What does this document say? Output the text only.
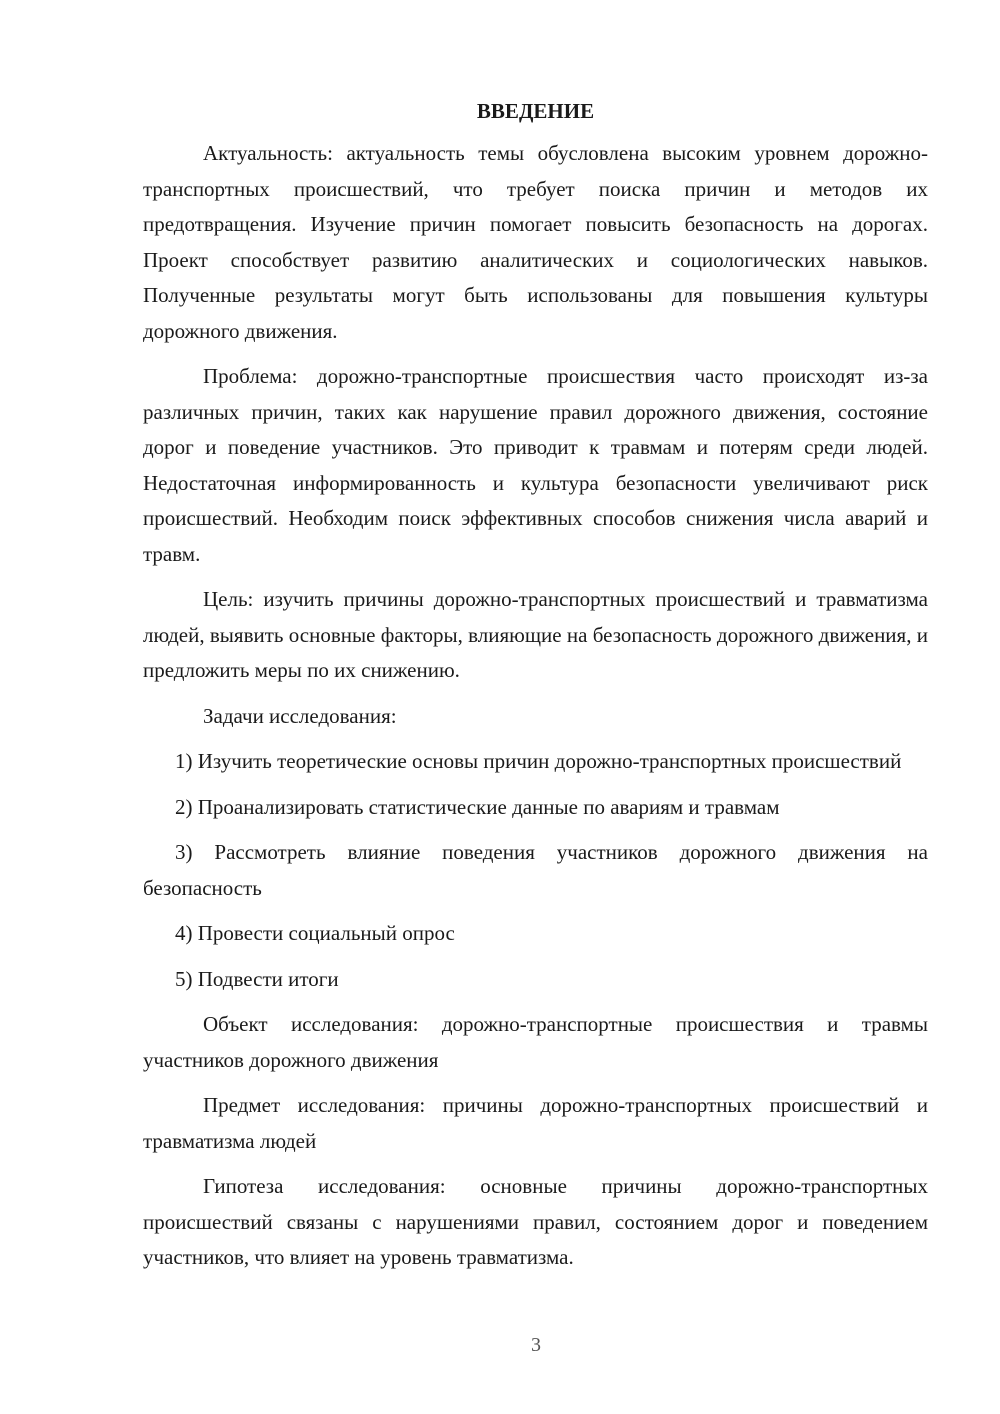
ВВЕДЕНИЕ

Актуальность: актуальность темы обусловлена высоким уровнем дорожно-транспортных происшествий, что требует поиска причин и методов их предотвращения. Изучение причин помогает повысить безопасность на дорогах. Проект способствует развитию аналитических и социологических навыков. Полученные результаты могут быть использованы для повышения культуры дорожного движения.

Проблема: дорожно-транспортные происшествия часто происходят из-за различных причин, таких как нарушение правил дорожного движения, состояние дорог и поведение участников. Это приводит к травмам и потерям среди людей. Недостаточная информированность и культура безопасности увеличивают риск происшествий. Необходим поиск эффективных способов снижения числа аварий и травм.

Цель: изучить причины дорожно-транспортных происшествий и травматизма людей, выявить основные факторы, влияющие на безопасность дорожного движения, и предложить меры по их снижению.

Задачи исследования:

1) Изучить теоретические основы причин дорожно-транспортных происшествий

2) Проанализировать статистические данные по авариям и травмам

3) Рассмотреть влияние поведения участников дорожного движения на безопасность

4) Провести социальный опрос

5) Подвести итоги

Объект исследования: дорожно-транспортные происшествия и травмы участников дорожного движения

Предмет исследования: причины дорожно-транспортных происшествий и травматизма людей

Гипотеза исследования: основные причины дорожно-транспортных происшествий связаны с нарушениями правил, состоянием дорог и поведением участников, что влияет на уровень травматизма.

3
